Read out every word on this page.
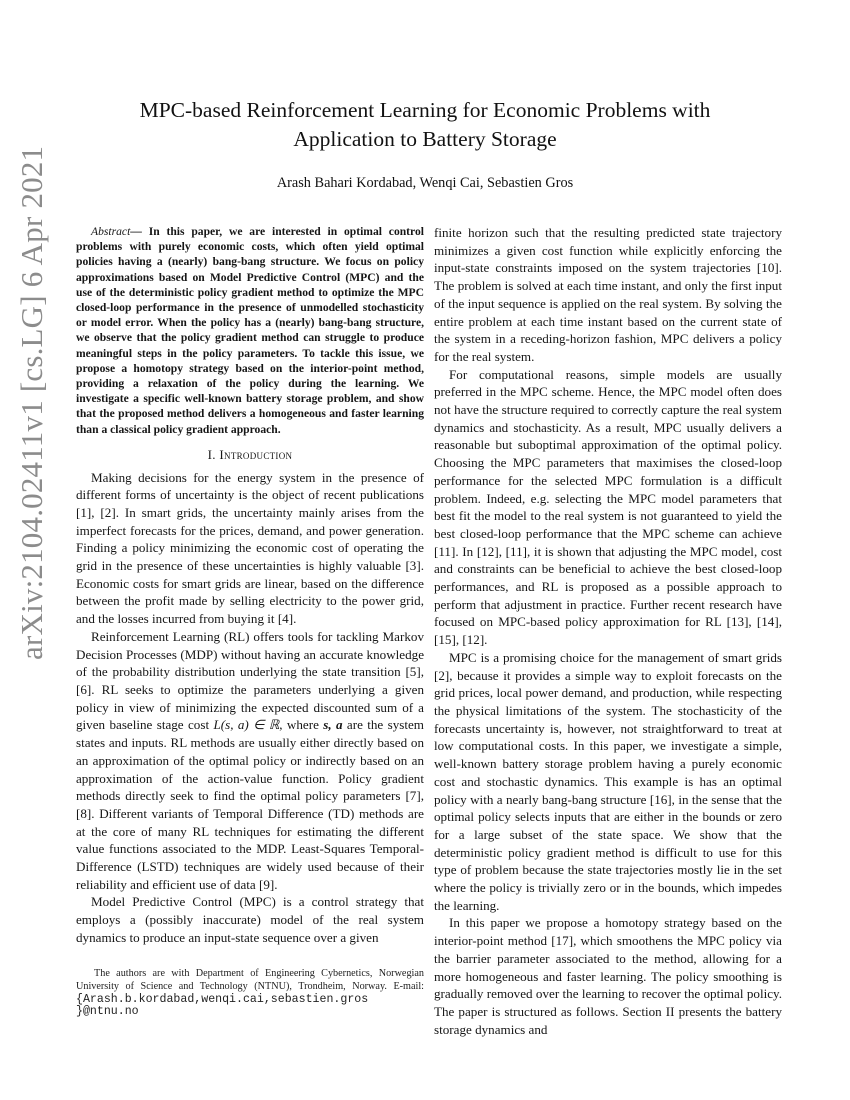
arXiv:2104.02411v1 [cs.LG] 6 Apr 2021
MPC-based Reinforcement Learning for Economic Problems with
Application to Battery Storage
Arash Bahari Kordabad, Wenqi Cai, Sebastien Gros

Abstract— In this paper, we are interested in optimal control problems with purely economic costs, which often yield optimal policies having a (nearly) bang-bang structure. We focus on policy approximations based on Model Predictive Control (MPC) and the use of the deterministic policy gradient method to optimize the MPC closed-loop performance in the presence of unmodelled stochasticity or model error. When the policy has a (nearly) bang-bang structure, we observe that the policy gradient method can struggle to produce meaningful steps in the policy parameters. To tackle this issue, we propose a homotopy strategy based on the interior-point method, providing a relaxation of the policy during the learning. We investigate a specific well-known battery storage problem, and show that the proposed method delivers a homogeneous and faster learning than a classical policy gradient approach.

I. Introduction

Making decisions for the energy system in the presence of different forms of uncertainty is the object of recent publications [1], [2]. In smart grids, the uncertainty mainly arises from the imperfect forecasts for the prices, demand, and power generation. Finding a policy minimizing the economic cost of operating the grid in the presence of these uncertainties is highly valuable [3]. Economic costs for smart grids are linear, based on the difference between the profit made by selling electricity to the power grid, and the losses incurred from buying it [4].

Reinforcement Learning (RL) offers tools for tackling Markov Decision Processes (MDP) without having an accurate knowledge of the probability distribution underlying the state transition [5], [6]. RL seeks to optimize the parameters underlying a given policy in view of minimizing the expected discounted sum of a given baseline stage cost L(s, a) ∈ ℝ, where s, a are the system states and inputs. RL methods are usually either directly based on an approximation of the optimal policy or indirectly based on an approximation of the action-value function. Policy gradient methods directly seek to find the optimal policy parameters [7], [8]. Different variants of Temporal Difference (TD) methods are at the core of many RL techniques for estimating the different value functions associated to the MDP. Least-Squares Temporal-Difference (LSTD) techniques are widely used because of their reliability and efficient use of data [9].

Model Predictive Control (MPC) is a control strategy that employs a (possibly inaccurate) model of the real system dynamics to produce an input-state sequence over a given

finite horizon such that the resulting predicted state trajectory minimizes a given cost function while explicitly enforcing the input-state constraints imposed on the system trajectories [10]. The problem is solved at each time instant, and only the first input of the input sequence is applied on the real system. By solving the entire problem at each time instant based on the current state of the system in a receding-horizon fashion, MPC delivers a policy for the real system.

For computational reasons, simple models are usually preferred in the MPC scheme. Hence, the MPC model often does not have the structure required to correctly capture the real system dynamics and stochasticity. As a result, MPC usually delivers a reasonable but suboptimal approximation of the optimal policy. Choosing the MPC parameters that maximises the closed-loop performance for the selected MPC formulation is a difficult problem. Indeed, e.g. selecting the MPC model parameters that best fit the model to the real system is not guaranteed to yield the best closed-loop performance that the MPC scheme can achieve [11]. In [12], [11], it is shown that adjusting the MPC model, cost and constraints can be beneficial to achieve the best closed-loop performances, and RL is proposed as a possible approach to perform that adjustment in practice. Further recent research have focused on MPC-based policy approximation for RL [13], [14], [15], [12].

MPC is a promising choice for the management of smart grids [2], because it provides a simple way to exploit forecasts on the grid prices, local power demand, and production, while respecting the physical limitations of the system. The stochasticity of the forecasts uncertainty is, however, not straightforward to treat at low computational costs. In this paper, we investigate a simple, well-known battery storage problem having a purely economic cost and stochastic dynamics. This example is has an optimal policy with a nearly bang-bang structure [16], in the sense that the optimal policy selects inputs that are either in the bounds or zero for a large subset of the state space. We show that the deterministic policy gradient method is difficult to use for this type of problem because the state trajectories mostly lie in the set where the policy is trivially zero or in the bounds, which impedes the learning.

In this paper we propose a homotopy strategy based on the interior-point method [17], which smoothens the MPC policy via the barrier parameter associated to the method, allowing for a more homogeneous and faster learning. The policy smoothing is gradually removed over the learning to recover the optimal policy. The paper is structured as follows. Section II presents the battery storage dynamics and

The authors are with Department of Engineering Cybernetics, Norwegian University of Science and Technology (NTNU), Trondheim, Norway. E-mail:{Arash.b.kordabad,wenqi.cai,sebastien.gros }@ntnu.no
